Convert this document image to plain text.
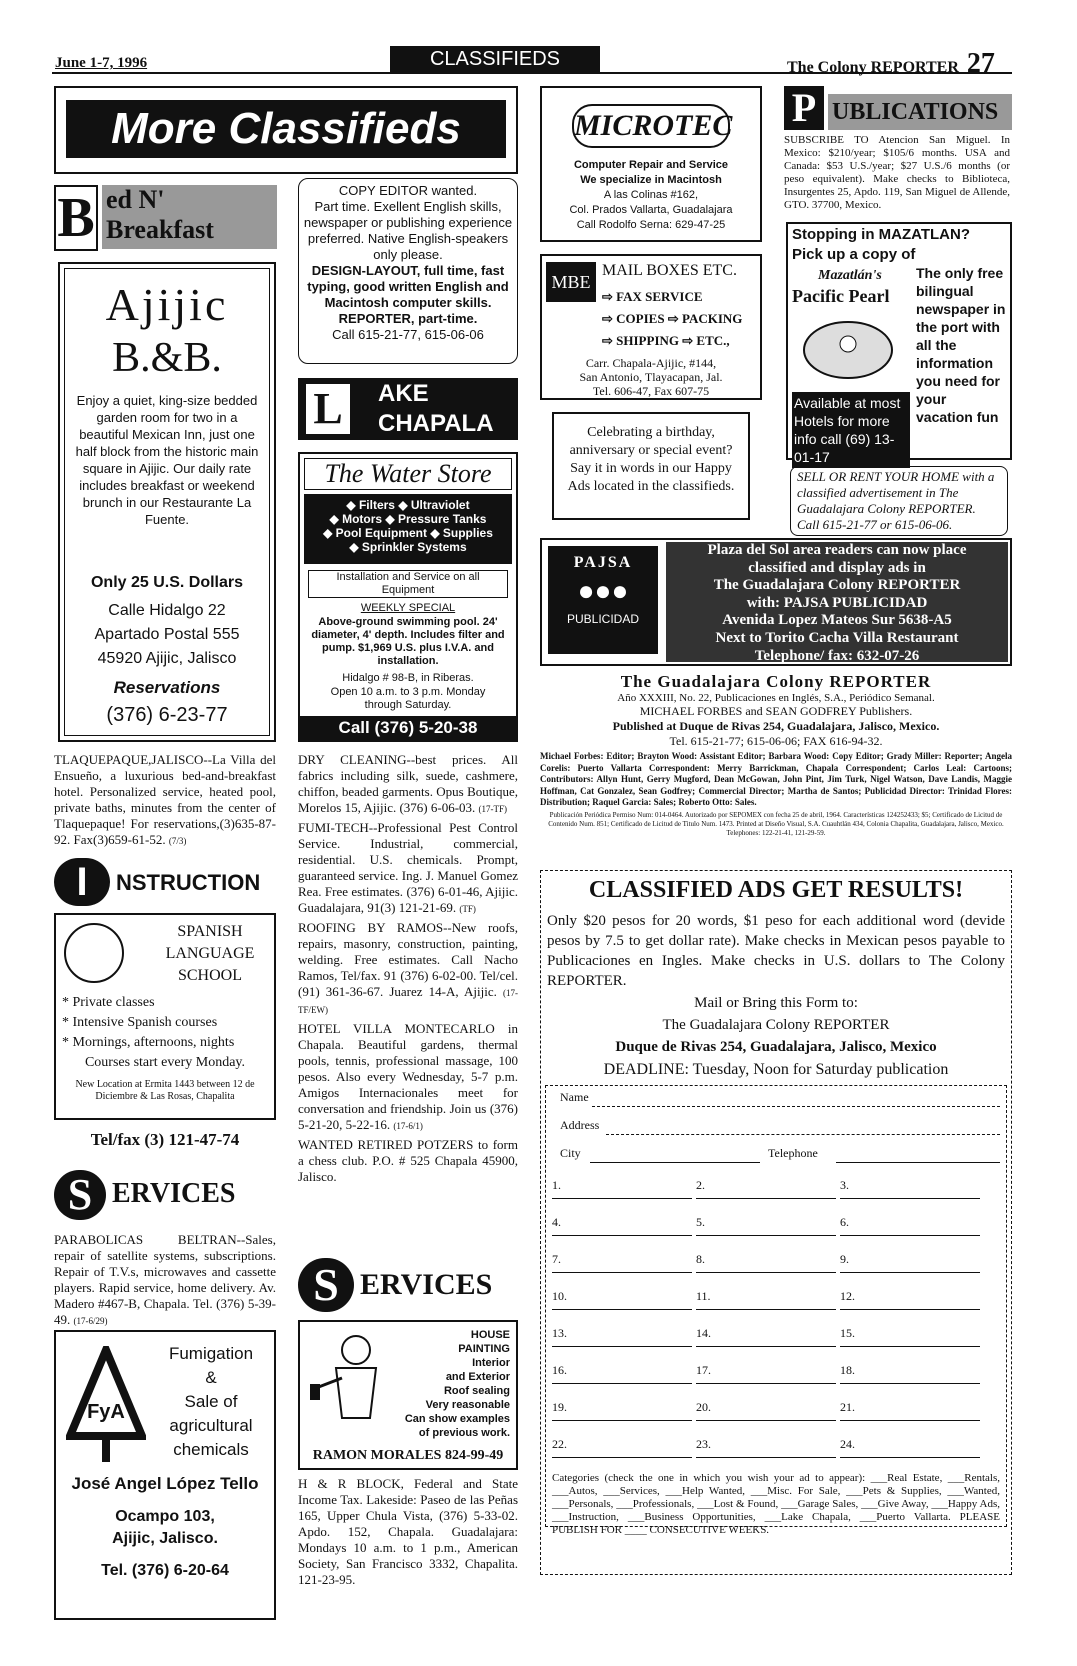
June 1-7, 1996	CLASSIFIEDS	The Colony REPORTER 27
More Classifieds
B ed N'
Breakfast
Ajijic
B.&B.
Enjoy a quiet, king-size bedded garden room for two in a beautiful Mexican Inn, just one half block from the historic main square in Ajijic. Our daily rate includes breakfast or weekend brunch in our Restaurante La Fuente.
Only 25 U.S. Dollars
Calle Hidalgo 22
Apartado Postal 555
45920 Ajijic, Jalisco
Reservations
(376) 6-23-77
TLAQUEPAQUE,JALISCO--La Villa del Ensueño, a luxurious bed-and-breakfast hotel. Personalized service, heated pool, private baths, minutes from the center of Tlaquepaque! For reservations,(3)635-87-92. Fax(3)659-61-52. (7/3)
I	NSTRUCTION
SPANISH
LANGUAGE
SCHOOL
* Private classes
* Intensive Spanish courses
* Mornings, afternoons, nights
Courses start every Monday.
New Location at Ermita 1443 between 12 de Diciembre & Las Rosas, Chapalita
Tel/fax (3) 121-47-74
S ERVICES
PARABOLICAS BELTRAN--Sales, repair of satellite systems, subscriptions. Repair of T.V.s, microwaves and cassette players. Rapid service, home delivery. Av. Madero #467-B, Chapala. Tel. (376) 5-39-49. (17-6/29)
FyA
Fumigation
&
Sale of
agricultural
chemicals
José Angel López Tello
Ocampo 103,
Ajijic, Jalisco.
Tel. (376) 6-20-64
COPY EDITOR wanted.
Part time. Exellent English skills, newspaper or publishing experience preferred. Native English-speakers only please.
DESIGN-LAYOUT, full time, fast typing, good written English and Macintosh computer skills.
REPORTER, part-time.
Call 615-21-77, 615-06-06
L	AKE
CHAPALA
The Water Store
◆ Filters ◆ Ultraviolet
◆ Motors ◆ Pressure Tanks
◆ Pool Equipment ◆ Supplies
◆ Sprinkler Systems
Installation and Service on all Equipment
WEEKLY SPECIAL
Above-ground swimming pool. 24' diameter, 4' depth. Includes filter and pump. $1,969 U.S. plus I.V.A. and installation.
Hidalgo # 98-B, in Riberas.
Open 10 a.m. to 3 p.m. Monday through Saturday.
Call (376) 5-20-38
DRY CLEANING--best prices. All fabrics including silk, suede, cashmere, chiffon, beaded garments. Opus Boutique, Morelos 15, Ajijic. (376) 6-06-03. (17-TF)
FUMI-TECH--Professional Pest Control Service. Industrial, commercial, residential. U.S. chemicals. Prompt, guaranteed service. Ing. J. Manuel Gomez Rea. Free estimates. (376) 6-01-46, Ajijic. Guadalajara, 91(3) 121-21-69. (TF)
ROOFING BY RAMOS--New roofs, repairs, masonry, construction, painting, welding. Free estimates. Call Nacho Ramos, Tel/fax. 91 (376) 6-02-00. Tel/cel. (91) 361-36-67. Juarez 14-A, Ajijic. (17-TF/EW)
HOTEL VILLA MONTECARLO in Chapala. Beautiful gardens, thermal pools, tennis, professional massage, 100 pesos. Also every Wednesday, 5-7 p.m. Amigos Internacionales meet for conversation and friendship. Join us (376) 5-21-20, 5-22-16. (17-6/1)
WANTED RETIRED POTZERS to form a chess club. P.O. # 525 Chapala 45900, Jalisco.
S ERVICES
HOUSE
PAINTING
Interior
and Exterior
Roof sealing
Very reasonable
Can show examples
of previous work.
RAMON MORALES 824-99-49
H & R BLOCK, Federal and State Income Tax. Lakeside: Paseo de las Peñas 165, Upper Chula Vista, (376) 5-33-02. Apdo. 152, Chapala. Guadalajara: Mondays 10 a.m. to 1 p.m., American Society, San Francisco 3332, Chapalita. 121-23-95.
MICROTEC
Computer Repair and Service
We specialize in Macintosh
A las Colinas #162,
Col. Prados Vallarta, Guadalajara
Call Rodolfo Serna: 629-47-25
MBE
MAIL BOXES ETC.
⇨ FAX SERVICE
⇨ COPIES ⇨ PACKING
⇨ SHIPPING ⇨ ETC.,
Carr. Chapala-Ajijic, #144,
San Antonio, Tlayacapan, Jal.
Tel. 606-47, Fax 607-75
Celebrating a birthday, anniversary or special event? Say it in words in our Happy Ads located in the classifieds.
P UBLICATIONS
SUBSCRIBE TO Atencion San Miguel. In Mexico: $210/year; $105/6 months. USA and Canada: $53 U.S./year; $27 U.S./6 months (or peso equivalent). Make checks to Biblioteca, Insurgentes 25, Apdo. 119, San Miguel de Allende, GTO. 37700, Mexico.
Stopping in MAZATLAN?
Pick up a copy of
Mazatlán's
Pacific Pearl
The only free bilingual newspaper in the port with all the information you need for your vacation fun
Available at most Hotels for more info call (69) 13-01-17
SELL OR RENT YOUR HOME with a classified advertisement in The Guadalajara Colony REPORTER. Call 615-21-77 or 615-06-06.
PAJSA
●●●
PUBLICIDAD
Plaza del Sol area readers can now place
classified and display ads in
The Guadalajara Colony REPORTER
with: PAJSA PUBLICIDAD
Avenida Lopez Mateos Sur 5638-A5
Next to Torito Cacha Villa Restaurant
Telephone/ fax: 632-07-26
The Guadalajara Colony REPORTER
Año XXXIII, No. 22, Publicaciones en Inglés, S.A., Periódico Semanal.
MICHAEL FORBES and SEAN GODFREY Publishers.
Published at Duque de Rivas 254, Guadalajara, Jalisco, Mexico.
Tel. 615-21-77; 615-06-06; FAX 616-94-32.
Michael Forbes: Editor; Brayton Wood: Assistant Editor; Barbara Wood: Copy Editor; Grady Miller: Reporter; Angela Corelis: Puerto Vallarta Correspondent: Merry Barrickman, Chapala Correspondent; Carlos Leal: Cartoons; Contributors: Allyn Hunt, Gerry Mugford, Dean McGowan, John Pint, Jim Turk, Nigel Watson, Dave Landis, Maggie Hoffman, Cat Gonzalez, Sean Godfrey; Commercial Director; Martha de Santos; Publicidad Director: Trinidad Flores: Distribution; Raquel Garcia: Sales; Roberto Otto: Sales.
Publicación Periódica Permiso Num: 014-0464. Autorizado por SEPOMEX con fecha 25 de abril, 1964. Características 124252433; $5; Certificado de Licitud de Contenido Num. 851; Certificado de Licitud de Titulo Num. 1473. Printed at Diseño Visual, S.A. Cuauhtlán 434, Colonia Chapalita, Guadalajara, Jalisco, Mexico.
Telephones: 122-21-41, 121-29-59.
CLASSIFIED ADS GET RESULTS!
Only $20 pesos for 20 words, $1 peso for each additional word (devide pesos by 7.5 to get dollar rate). Make checks in Mexican pesos payable to Publicaciones en Ingles. Make checks in U.S. dollars to The Colony REPORTER.
Mail or Bring this Form to:
The Guadalajara Colony REPORTER
Duque de Rivas 254, Guadalajara, Jalisco, Mexico
DEADLINE: Tuesday, Noon for Saturday publication
Name
Address
City	Telephone
1.	2.	3.
4.	5.	6.
7.	8.	9.
10.	11.	12.
13.	14.	15.
16.	17.	18.
19.	20.	21.
22.	23.	24.
Categories (check the one in which you wish your ad to appear): ___Real Estate, ___Rentals, ___Autos, ___Services, ___Help Wanted, ___Misc. For Sale, ___Pets & Supplies, ___Wanted, ___Personals, ___Professionals, ___Lost & Found, ___Garage Sales, ___Give Away, ___Happy Ads, ___Instruction, ___Business Opportunities, ___Lake Chapala, ___Puerto Vallarta. PLEASE PUBLISH FOR ____ CONSECUTIVE WEEKS.
